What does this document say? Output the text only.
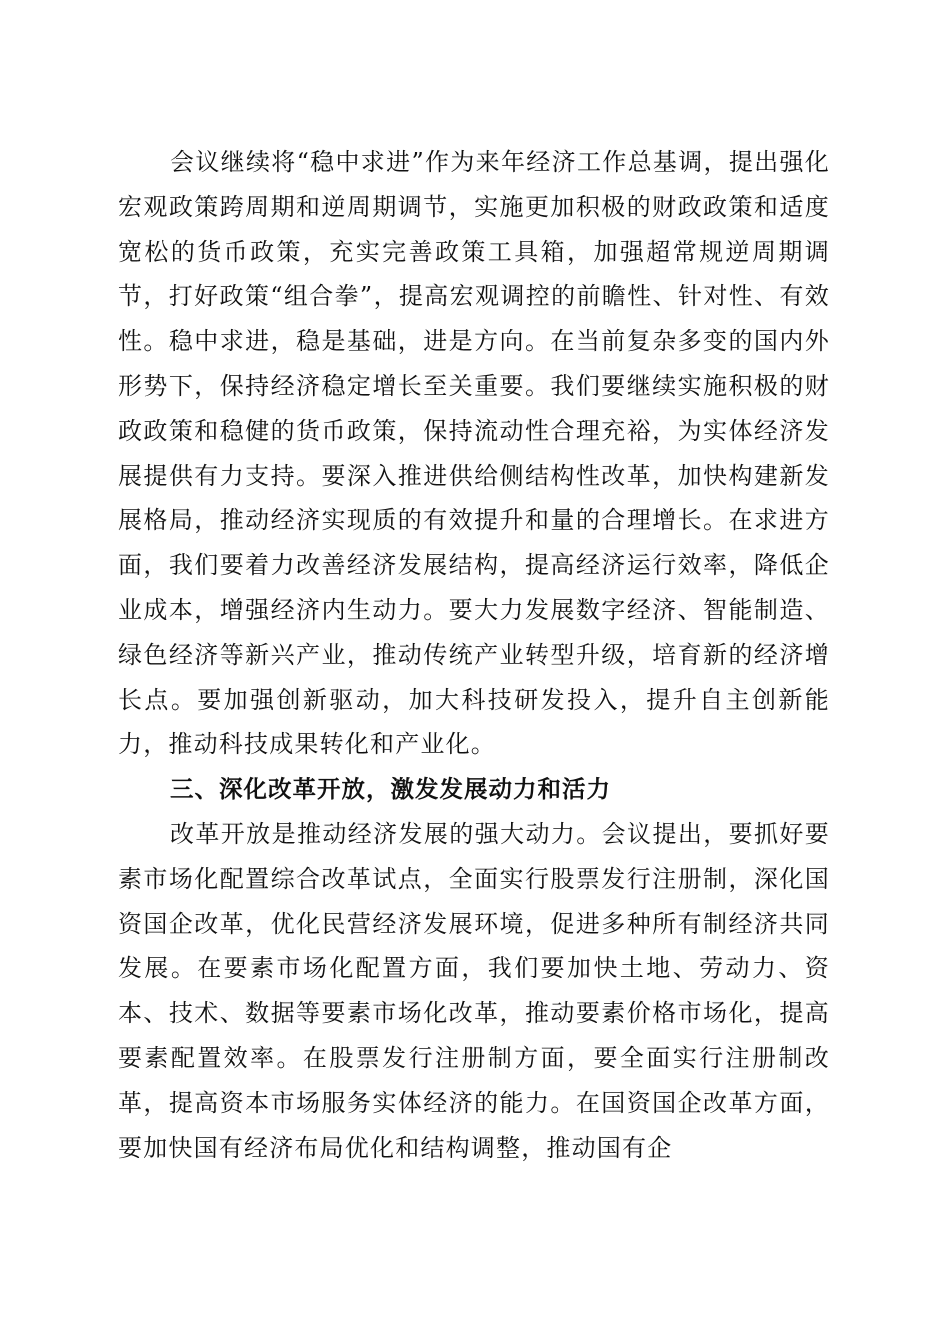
会议继续将“稳中求进”作为来年经济工作总基调，提出强化宏观政策跨周期和逆周期调节，实施更加积极的财政政策和适度宽松的货币政策，充实完善政策工具箱，加强超常规逆周期调节，打好政策“组合拳”，提高宏观调控的前瞻性、针对性、有效性。稳中求进，稳是基础，进是方向。在当前复杂多变的国内外形势下，保持经济稳定增长至关重要。我们要继续实施积极的财政政策和稳健的货币政策，保持流动性合理充裕，为实体经济发展提供有力支持。要深入推进供给侧结构性改革，加快构建新发展格局，推动经济实现质的有效提升和量的合理增长。在求进方面，我们要着力改善经济发展结构，提高经济运行效率，降低企业成本，增强经济内生动力。要大力发展数字经济、智能制造、绿色经济等新兴产业，推动传统产业转型升级，培育新的经济增长点。要加强创新驱动，加大科技研发投入，提升自主创新能力，推动科技成果转化和产业化。

三、深化改革开放，激发发展动力和活力

改革开放是推动经济发展的强大动力。会议提出，要抓好要素市场化配置综合改革试点，全面实行股票发行注册制，深化国资国企改革，优化民营经济发展环境，促进多种所有制经济共同发展。在要素市场化配置方面，我们要加快土地、劳动力、资本、技术、数据等要素市场化改革，推动要素价格市场化，提高要素配置效率。在股票发行注册制方面，要全面实行注册制改革，提高资本市场服务实体经济的能力。在国资国企改革方面，要加快国有经济布局优化和结构调整，推动国有企
